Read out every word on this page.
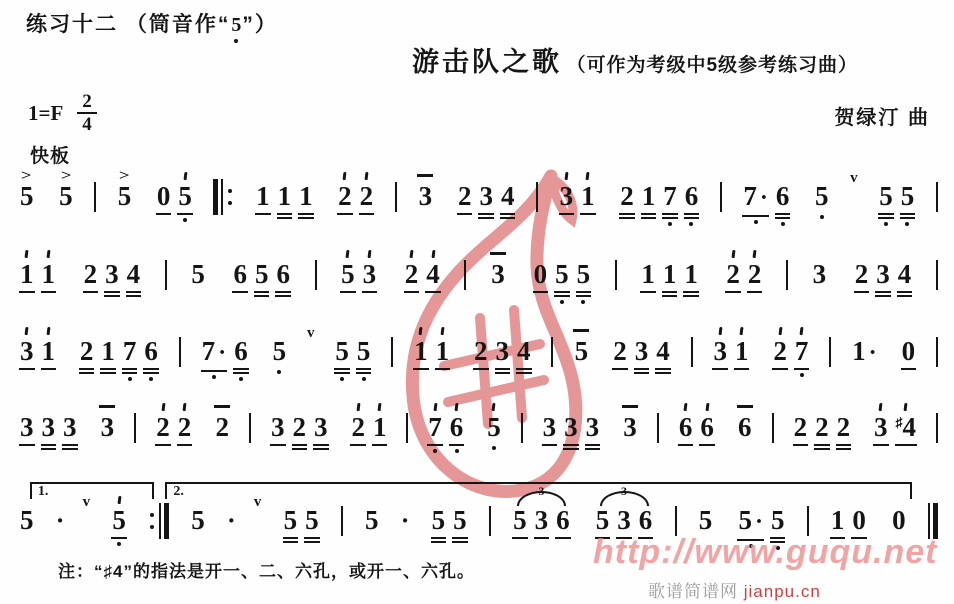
练习十二 （筒音作“5
”）
游击队之歌 （可作为考级中5级参考练习曲）
$1=F \frac{2}{4}$	贺绿汀 曲
快板
>
5
>
5
>
5 0 5 1 1 1 2 2 3 2 3 4 3 1 2 1 7 6 7 · 6 5
v
5 5
1 1 2 3 4 5 6 5 6 5 3 2 4 3 0 5 5 1 1 1 2 2 3 2 3 4
3 1 2 1 7 6 7 · 6 5
v
5 5 1 1 2 3 4 5 2 3 4 3 1 2 7 1 · 0
3 3 3 3 2 2 2 3 2 3 2 1 7 6 5 3 3 3 3 6 6 6 2 2 2 3 ♯4
1.	2.
5 ·
v
5 5 ·
v
5 5 5 · 5 5
3
5 3 6
3
5 3 6 5 5 · 5 1 0 0
注：“♯4”的指法是开一、二、六孔，或开一、六孔。
http://www.guqu.net
歌谱简谱网 jianpu.cn
